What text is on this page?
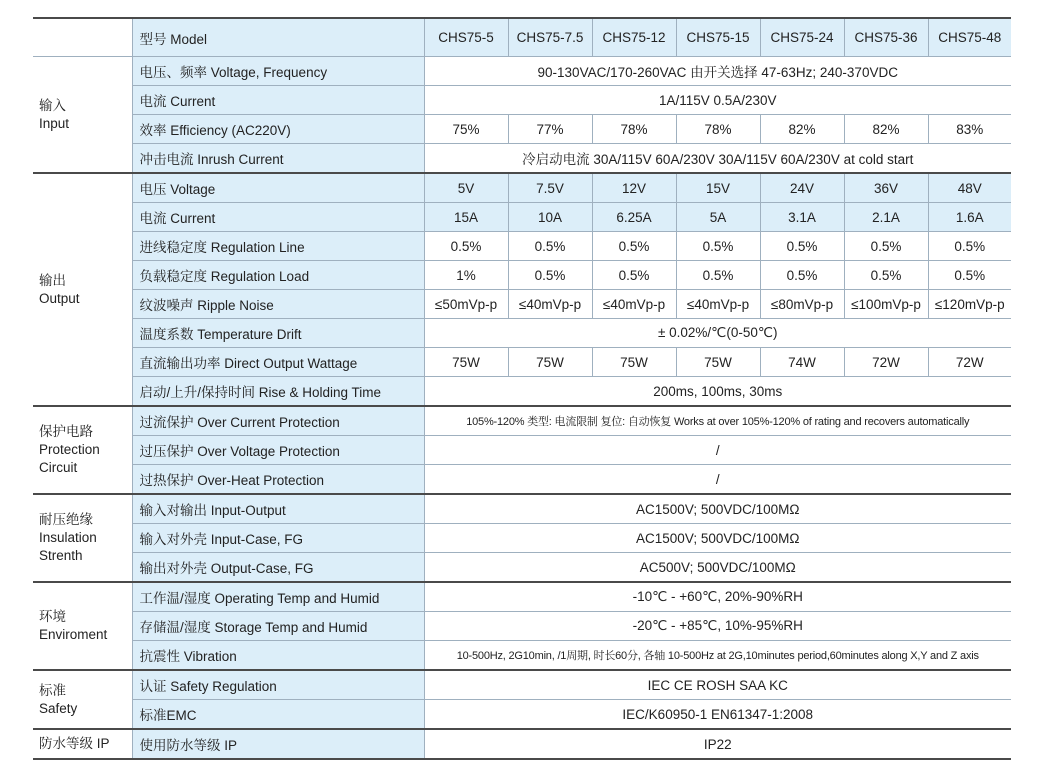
	型号 Model	CHS75-5	CHS75-7.5	CHS75-12	CHS75-15	CHS75-24	CHS75-36	CHS75-48

输入
Input	电压、频率 Voltage, Frequency	90-130VAC/170-260VAC 由开关选择 47-63Hz; 240-370VDC						
	电流 Current	1A/115V 0.5A/230V						
	效率 Efficiency (AC220V)	75%	77%	78%	78%	82%	82%	83%
	冲击电流 Inrush Current	冷启动电流 30A/115V 60A/230V 30A/115V 60A/230V at cold start						

输出
Output	电压 Voltage	5V	7.5V	12V	15V	24V	36V	48V
	电流 Current	15A	10A	6.25A	5A	3.1A	2.1A	1.6A
	进线稳定度 Regulation Line	0.5%	0.5%	0.5%	0.5%	0.5%	0.5%	0.5%
	负载稳定度 Regulation Load	1%	0.5%	0.5%	0.5%	0.5%	0.5%	0.5%
	纹波噪声 Ripple Noise	≤50mVp-p	≤40mVp-p	≤40mVp-p	≤40mVp-p	≤80mVp-p	≤100mVp-p	≤120mVp-p
	温度系数 Temperature Drift	± 0.02%/℃(0-50℃)						
	直流输出功率 Direct Output Wattage	75W	75W	75W	75W	74W	72W	72W
	启动/上升/保持时间 Rise & Holding Time	200ms, 100ms, 30ms						

保护电路
Protection
Circuit	过流保护 Over Current Protection	105%-120% 类型: 电流限制 复位: 自动恢复 Works at over 105%-120% of rating and recovers automatically						
	过压保护 Over Voltage Protection	/						
	过热保护 Over-Heat Protection	/						

耐压绝缘
Insulation
Strenth	输入对输出 Input-Output	AC1500V; 500VDC/100MΩ						
	输入对外壳 Input-Case, FG	AC1500V; 500VDC/100MΩ						
	输出对外壳 Output-Case, FG	AC500V; 500VDC/100MΩ						

环境
Enviroment	工作温/湿度 Operating Temp and Humid	-10℃ - +60℃, 20%-90%RH						
	存储温/湿度 Storage Temp and Humid	-20℃ - +85℃, 10%-95%RH						
	抗震性 Vibration	10-500Hz, 2G10min, /1周期, 时长60分, 各轴 10-500Hz at 2G,10minutes period,60minutes along X,Y and Z axis						

标准
Safety	认证 Safety Regulation	IEC CE ROSH SAA KC						
	标准EMC	IEC/K60950-1 EN61347-1:2008						

防水等级 IP	使用防水等级 IP	IP22						
